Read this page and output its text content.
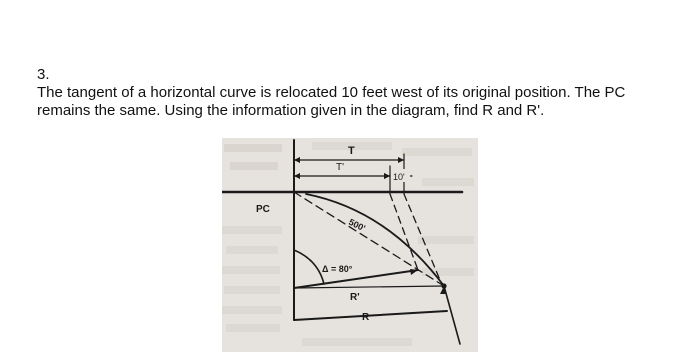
3.
The tangent of a horizontal curve is relocated 10 feet west of its original position. The PC remains the same. Using the information given in the diagram, find R and R'.
T
T'
10'
PC
500'
Δ = 80°
R'
R
